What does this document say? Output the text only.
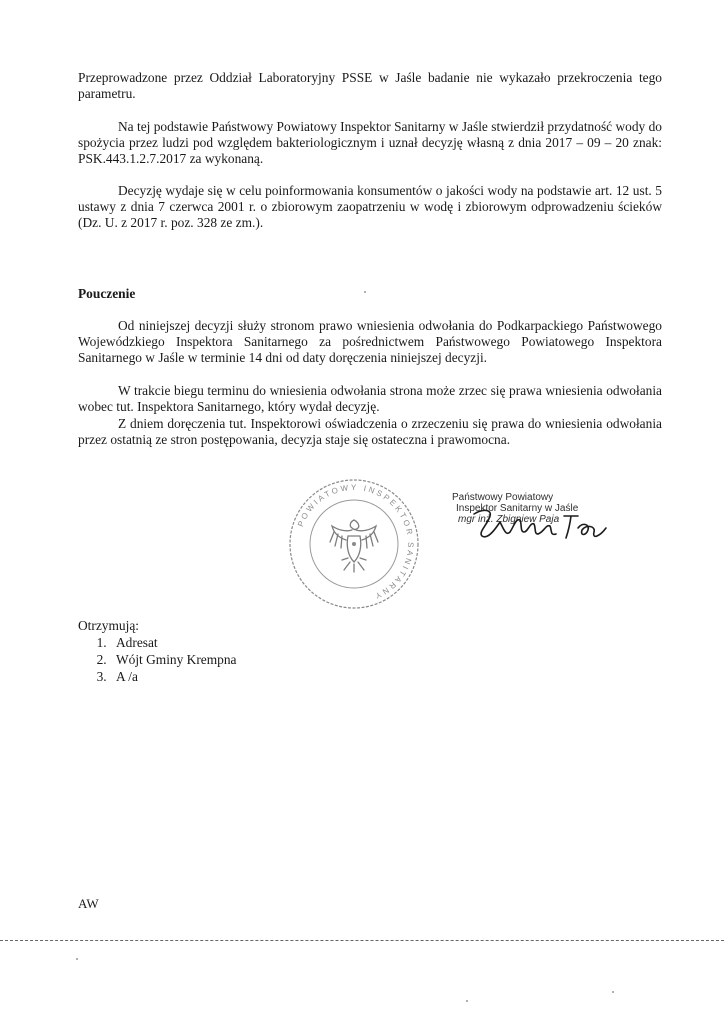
Przeprowadzone przez Oddział Laboratoryjny PSSE w Jaśle badanie nie wykazało przekroczenia tego parametru.

Na tej podstawie Państwowy Powiatowy Inspektor Sanitarny w Jaśle stwierdził przydatność wody do spożycia przez ludzi pod względem bakteriologicznym i uznał decyzję własną z dnia 2017 – 09 – 20 znak: PSK.443.1.2.7.2017 za wykonaną.

Decyzję wydaje się w celu poinformowania konsumentów o jakości wody na podstawie art. 12 ust. 5 ustawy z dnia 7 czerwca 2001 r. o zbiorowym zaopatrzeniu w wodę i zbiorowym odprowadzeniu ścieków (Dz. U. z 2017 r. poz. 328 ze zm.).

Pouczenie

Od niniejszej decyzji służy stronom prawo wniesienia odwołania do Podkarpackiego Państwowego Wojewódzkiego Inspektora Sanitarnego za pośrednictwem Państwowego Powiatowego Inspektora Sanitarnego w Jaśle w terminie 14 dni od daty doręczenia niniejszej decyzji.

W trakcie biegu terminu do wniesienia odwołania strona może zrzec się prawa wniesienia odwołania wobec tut. Inspektora Sanitarnego, który wydał decyzję.

Z dniem doręczenia tut. Inspektorowi oświadczenia o zrzeczeniu się prawa do wniesienia odwołania przez ostatnią ze stron postępowania, decyzja staje się ostateczna i prawomocna.

POWIATOWY INSPEKTOR SANITARNY
Państwowy Powiatowy
Inspektor Sanitarny w Jaśle
mgr inż. Zbigniew Paja
Otrzymują:
1. Adresat
2. Wójt Gminy Krempna
3. A /a
AW
